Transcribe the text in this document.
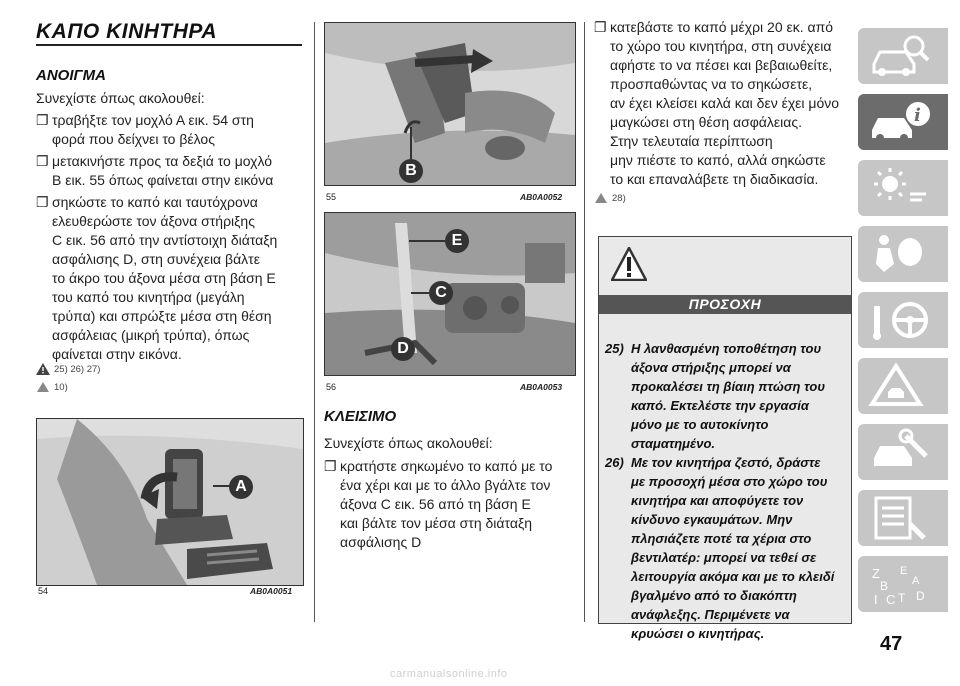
ΚΑΠΟ ΚΙΝΗΤΗΡΑ
ΑΝΟΙΓΜΑ
Συνεχίστε όπως ακολουθεί:
❐ τραβήξτε τον μοχλό Α εικ. 54 στη
φορά που δείχνει το βέλος
❐ μετακινήστε προς τα δεξιά το μοχλό
Β εικ. 55 όπως φαίνεται στην εικόνα
❐ σηκώστε το καπό και ταυτόχρονα
ελευθερώστε τον άξονα στήριξης
C εικ. 56 από την αντίστοιχη διάταξη
ασφάλισης D, στη συνέχεια βάλτε
το άκρο του άξονα μέσα στη βάση E
του καπό του κινητήρα (μεγάλη
τρύπα) και σπρώξτε μέσα στη θέση
ασφάλειας (μικρή τρύπα), όπως
φαίνεται στην εικόνα.
25) 26) 27)
10)
A
54	AB0A0051
B
55	AB0A0052
E
C
D
56	AB0A0053
ΚΛΕΙΣΙΜΟ
Συνεχίστε όπως ακολουθεί:
❐ κρατήστε σηκωμένο το καπό με το
ένα χέρι και με το άλλο βγάλτε τον
άξονα C εικ. 56 από τη βάση E
και βάλτε τον μέσα στη διάταξη
ασφάλισης D
❐ κατεβάστε το καπό μέχρι 20 εκ. από
το χώρο του κινητήρα, στη συνέχεια
αφήστε το να πέσει και βεβαιωθείτε,
προσπαθώντας να το σηκώσετε,
αν έχει κλείσει καλά και δεν έχει μόνο
μαγκώσει στη θέση ασφάλειας.
Στην τελευταία περίπτωση
μην πιέστε το καπό, αλλά σηκώστε
το και επαναλάβετε τη διαδικασία.
28)
ΠΡΟΣΟΧΗ
25) Η λανθασμένη τοποθέτηση του
άξονα στήριξης μπορεί να
προκαλέσει τη βίαιη πτώση του
καπό. Εκτελέστε την εργασία
μόνο με το αυτοκίνητο
σταματημένο.
26) Με τον κινητήρα ζεστό, δράστε
με προσοχή μέσα στο χώρο του
κινητήρα και αποφύγετε τον
κίνδυνο εγκαυμάτων. Μην
πλησιάζετε ποτέ τα χέρια στο
βεντιλατέρ: μπορεί να τεθεί σε
λειτουργία ακόμα και με το κλειδί
βγαλμένο από το διακόπτη
ανάφλεξης. Περιμένετε να
κρυώσει ο κινητήρας.
i
Z E
A
B
I C T D
47
carmanualsonline.info
